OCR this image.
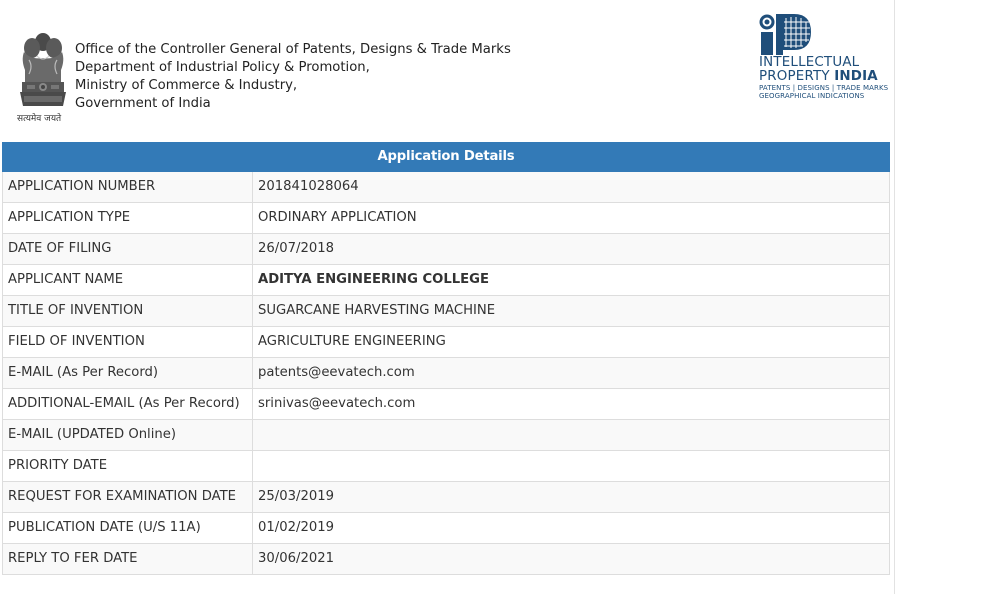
सत्यमेव जयते
Office of the Controller General of Patents, Designs & Trade Marks
Department of Industrial Policy & Promotion,
Ministry of Commerce & Industry,
Government of India
INTELLECTUAL
PROPERTY INDIA
PATENTS | DESIGNS | TRADE MARKS
GEOGRAPHICAL INDICATIONS
Application Details
APPLICATION NUMBER	201841028064
APPLICATION TYPE	ORDINARY APPLICATION
DATE OF FILING	26/07/2018
APPLICANT NAME	ADITYA ENGINEERING COLLEGE
TITLE OF INVENTION	SUGARCANE HARVESTING MACHINE
FIELD OF INVENTION	AGRICULTURE ENGINEERING
E-MAIL (As Per Record)	patents@eevatech.com
ADDITIONAL-EMAIL (As Per Record)	srinivas@eevatech.com
E-MAIL (UPDATED Online)
PRIORITY DATE
REQUEST FOR EXAMINATION DATE	25/03/2019
PUBLICATION DATE (U/S 11A)	01/02/2019
REPLY TO FER DATE	30/06/2021
